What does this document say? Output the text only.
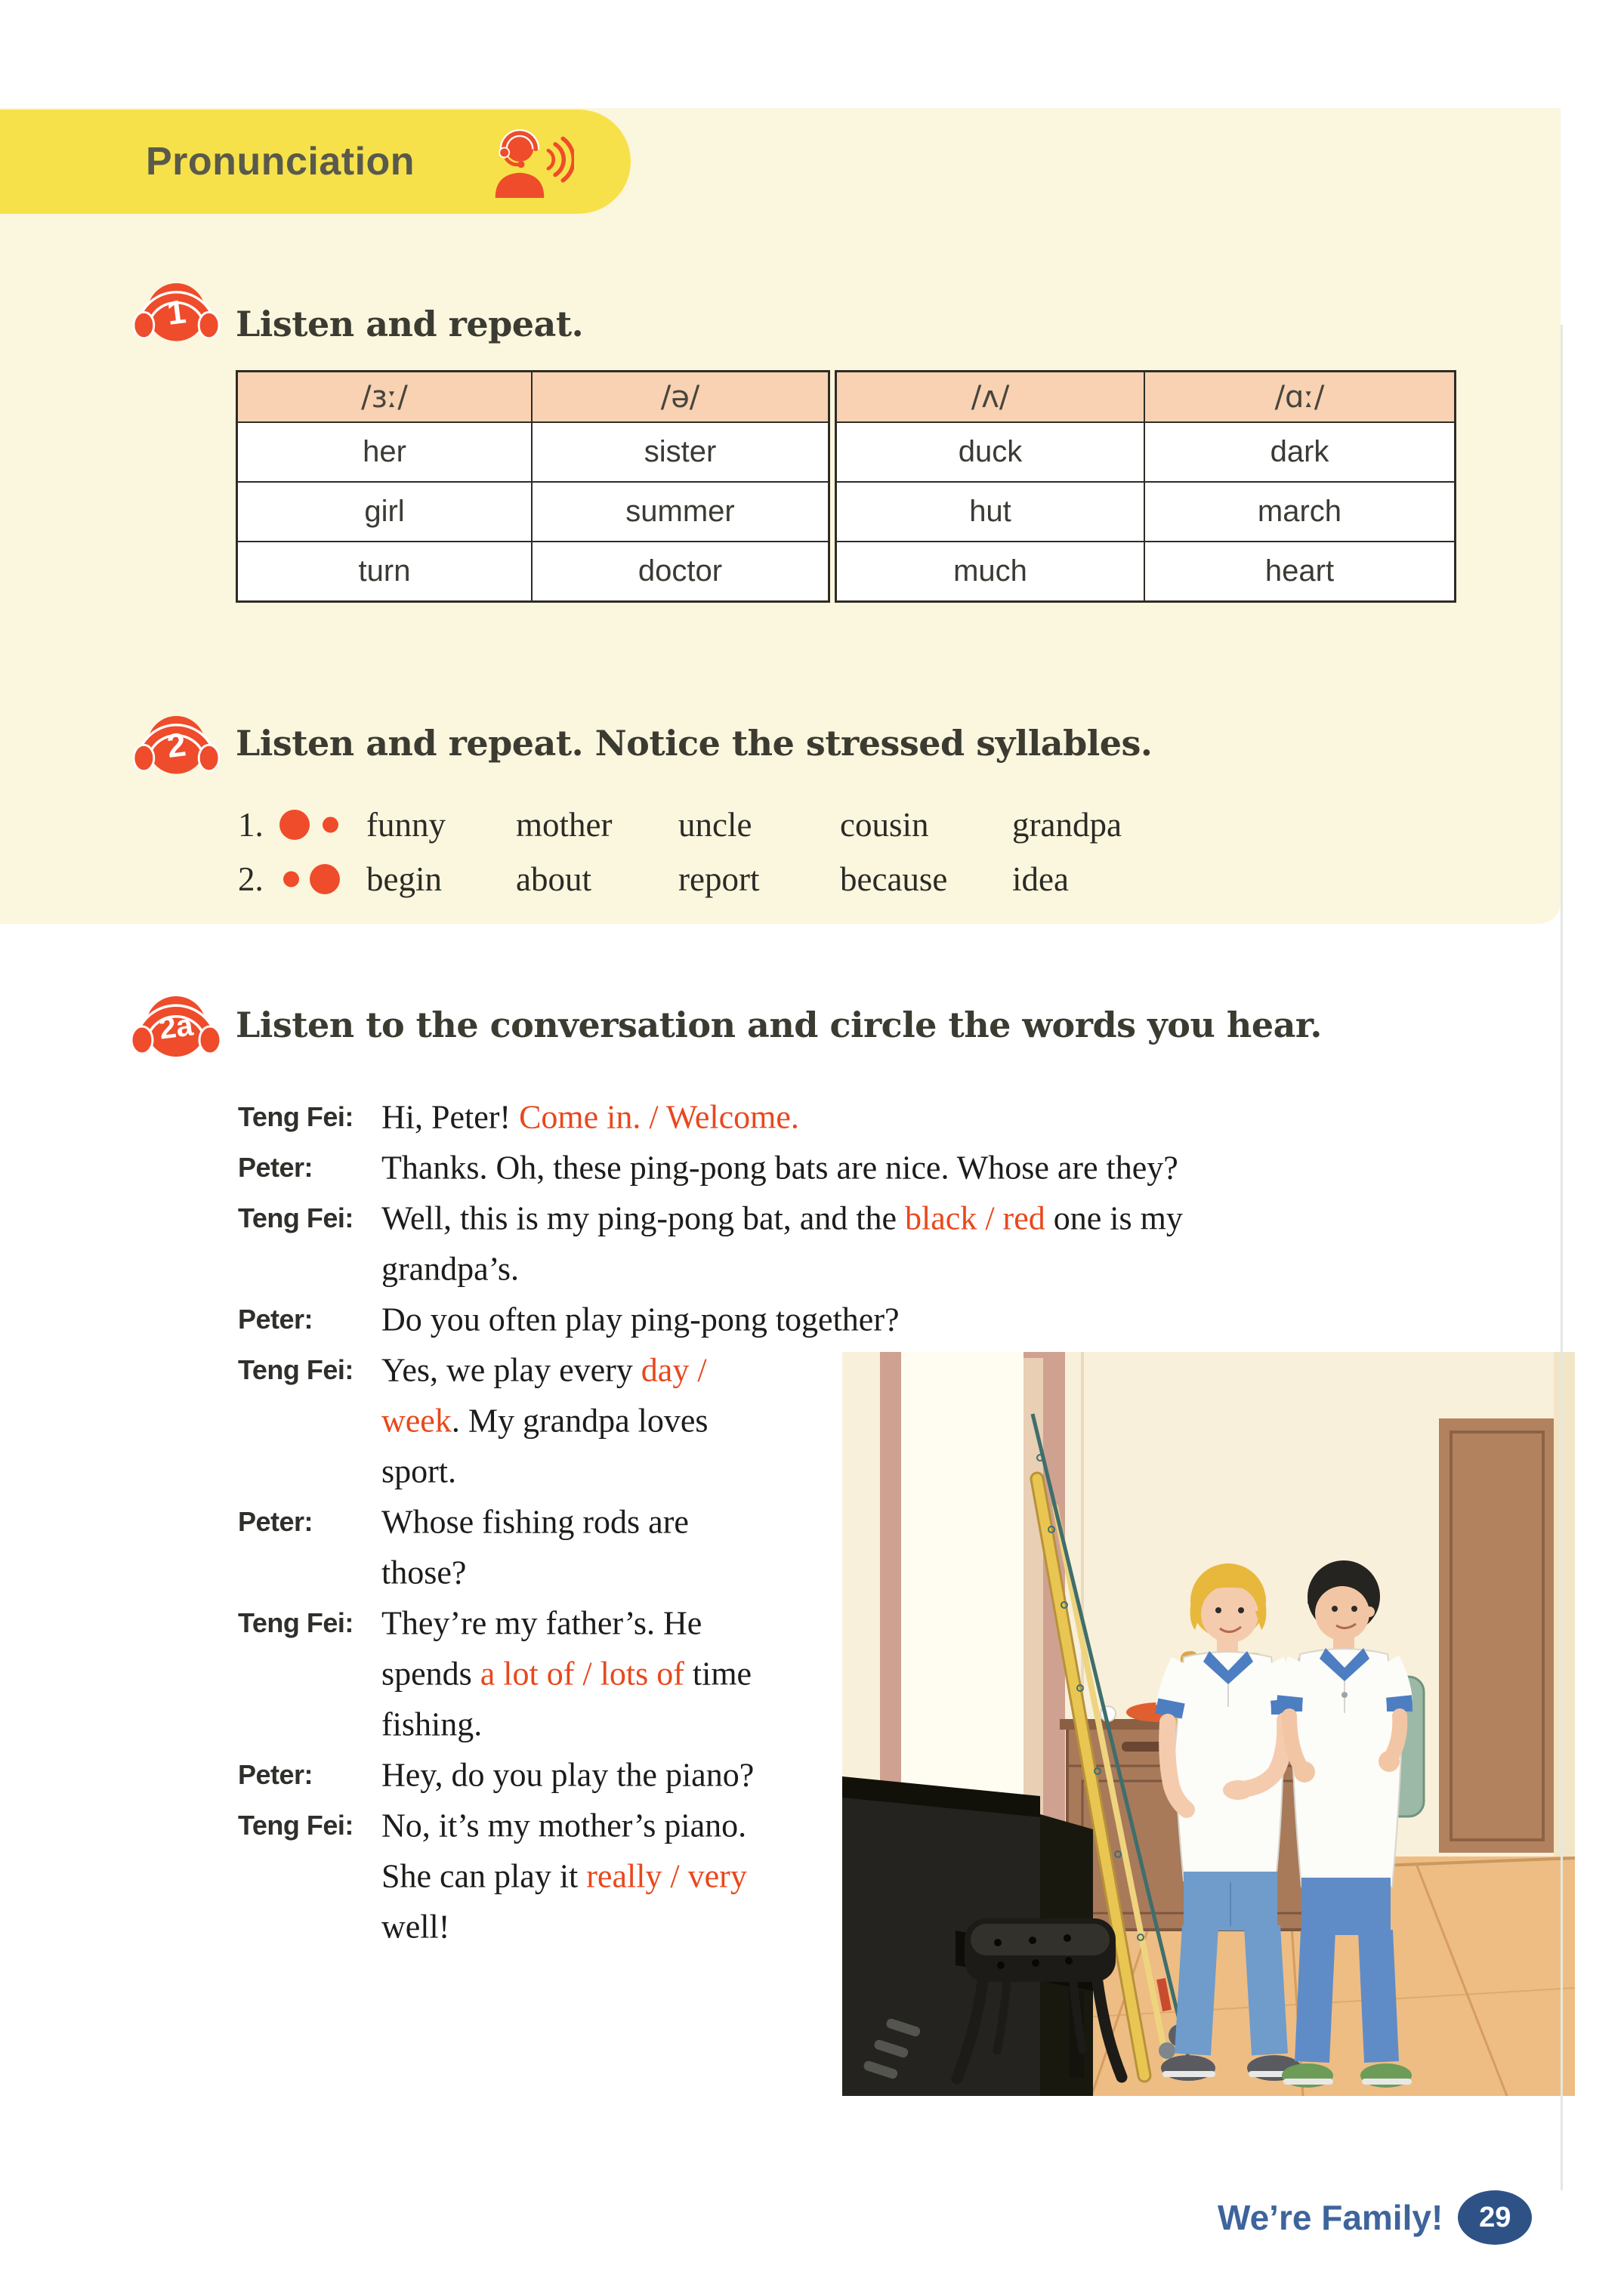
Pronunciation
1 Listen and repeat.
/ɜː/	/ə/
her	sister
girl	summer
turn	doctor
/ʌ/	/ɑː/
duck	dark
hut	march
much	heart
2 Listen and repeat. Notice the stressed syllables.
1.	funny mother uncle	cousin grandpa
2.	begin about	report because idea
2a Listen to the conversation and circle the words you hear.
Teng Fei: Hi, Peter! Come in. / Welcome.
Peter: Thanks. Oh, these ping-pong bats are nice. Whose are they?
Teng Fei: Well, this is my ping-pong bat, and the black / red one is my
grandpa’s.
Peter: Do you often play ping-pong together?
Teng Fei: Yes, we play every day /
week. My grandpa loves
sport.
Peter: Whose fishing rods are
those?
Teng Fei: They’re my father’s. He
spends a lot of / lots of time
fishing.
Peter: Hey, do you play the piano?
Teng Fei: No, it’s my mother’s piano.
She can play it really / very
well!
We’re Family! 29
